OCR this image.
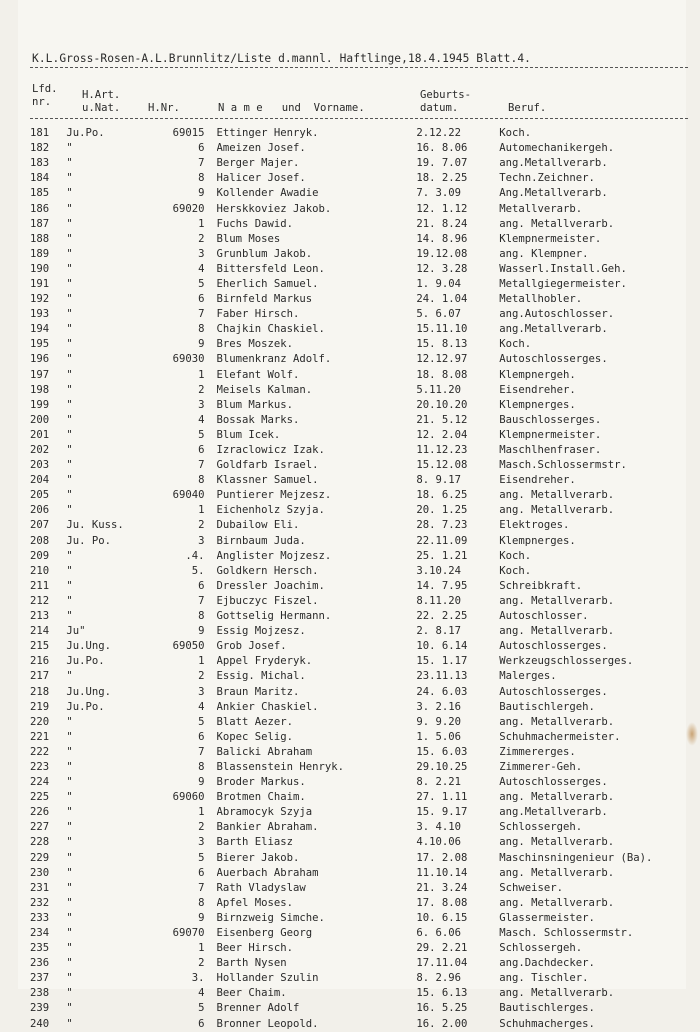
K.L.Gross-Rosen-A.L.Brunnlitz/Liste d.mannl. Haftlinge,18.4.1945 Blatt.4.
Lfd.
nr.
H.Art.
u.Nat.	H.Nr.	N a m e   und  Vorname.
Geburts-
datum.	Beruf.
181	Ju.Po.	69015	Ettinger Henryk.	2.12.22	Koch.
182	"	6	Ameizen Josef.	16. 8.06	Automechanikergeh.
183	"	7	Berger Majer.	19. 7.07	ang.Metallverarb.
184	"	8	Halicer Josef.	18. 2.25	Techn.Zeichner.
185	"	9	Kollender Awadie	7. 3.09	Ang.Metallverarb.
186	"	69020	Herskkoviez Jakob.	12. 1.12	Metallverarb.
187	"	1	Fuchs Dawid.	21. 8.24	ang. Metallverarb.
188	"	2	Blum Moses	14. 8.96	Klempnermeister.
189	"	3	Grunblum Jakob.	19.12.08	ang. Klempner.
190	"	4	Bittersfeld Leon.	12. 3.28	Wasserl.Install.Geh.
191	"	5	Eherlich Samuel.	1. 9.04	Metallgiegermeister.
192	"	6	Birnfeld Markus	24. 1.04	Metallhobler.
193	"	7	Faber Hirsch.	5. 6.07	ang.Autoschlosser.
194	"	8	Chajkin Chaskiel.	15.11.10	ang.Metallverarb.
195	"	9	Bres Moszek.	15. 8.13	Koch.
196	"	69030	Blumenkranz Adolf.	12.12.97	Autoschlosserges.
197	"	1	Elefant Wolf.	18. 8.08	Klempnergeh.
198	"	2	Meisels Kalman.	5.11.20	Eisendreher.
199	"	3	Blum Markus.	20.10.20	Klempnerges.
200	"	4	Bossak Marks.	21. 5.12	Bauschlosserges.
201	"	5	Blum Icek.	12. 2.04	Klempnermeister.
202	"	6	Izraclowicz Izak.	11.12.23	Maschlhenfraser.
203	"	7	Goldfarb Israel.	15.12.08	Masch.Schlossermstr.
204	"	8	Klassner Samuel.	8. 9.17	Eisendreher.
205	"	69040	Puntierer Mejzesz.	18. 6.25	ang. Metallverarb.
206	"	1	Eichenholz Szyja.	20. 1.25	ang. Metallverarb.
207	Ju. Kuss.	2	Dubailow Eli.	28. 7.23	Elektroges.
208	Ju. Po.	3	Birnbaum Juda.	22.11.09	Klempnerges.
209	"	.4.	Anglister Mojzesz.	25. 1.21	Koch.
210	"	5.	Goldkern Hersch.	3.10.24	Koch.
211	"	6	Dressler Joachim.	14. 7.95	Schreibkraft.
212	"	7	Ejbuczyc Fiszel.	8.11.20	ang. Metallverarb.
213	"	8	Gottselig Hermann.	22. 2.25	Autoschlosser.
214	Ju"	9	Essig Mojzesz.	2. 8.17	ang. Metallverarb.
215	Ju.Ung.	69050	Grob Josef.	10. 6.14	Autoschlosserges.
216	Ju.Po.	1	Appel Fryderyk.	15. 1.17	Werkzeugschlosserges.
217	"	2	Essig. Michal.	23.11.13	Malerges.
218	Ju.Ung.	3	Braun Maritz.	24. 6.03	Autoschlosserges.
219	Ju.Po.	4	Ankier Chaskiel.	3. 2.16	Bautischlergeh.
220	"	5	Blatt Aezer.	9. 9.20	ang. Metallverarb.
221	"	6	Kopec Selig.	1. 5.06	Schuhmachermeister.
222	"	7	Balicki Abraham	15. 6.03	Zimmererges.
223	"	8	Blassenstein Henryk.	29.10.25	Zimmerer-Geh.
224	"	9	Broder Markus.	8. 2.21	Autoschlosserges.
225	"	69060	Brotmen Chaim.	27. 1.11	ang. Metallverarb.
226	"	1	Abramocyk Szyja	15. 9.17	ang.Metallverarb.
227	"	2	Bankier Abraham.	3. 4.10	Schlossergeh.
228	"	3	Barth Eliasz	4.10.06	ang. Metallverarb.
229	"	5	Bierer Jakob.	17. 2.08	Maschinsningenieur (Ba).
230	"	6	Auerbach Abraham	11.10.14	ang. Metallverarb.
231	"	7	Rath Vladyslaw	21. 3.24	Schweiser.
232	"	8	Apfel Moses.	17. 8.08	ang. Metallverarb.
233	"	9	Birnzweig Simche.	10. 6.15	Glassermeister.
234	"	69070	Eisenberg Georg	6. 6.06	Masch. Schlossermstr.
235	"	1	Beer Hirsch.	29. 2.21	Schlossergeh.
236	"	2	Barth Nysen	17.11.04	ang.Dachdecker.
237	"	3.	Hollander Szulin	8. 2.96	ang. Tischler.
238	"	4	Beer Chaim.	15. 6.13	ang. Metallverarb.
239	"	5	Brenner Adolf	16. 5.25	Bautischlerges.
240	"	6	Bronner Leopold.	16. 2.00	Schuhmacherges.
